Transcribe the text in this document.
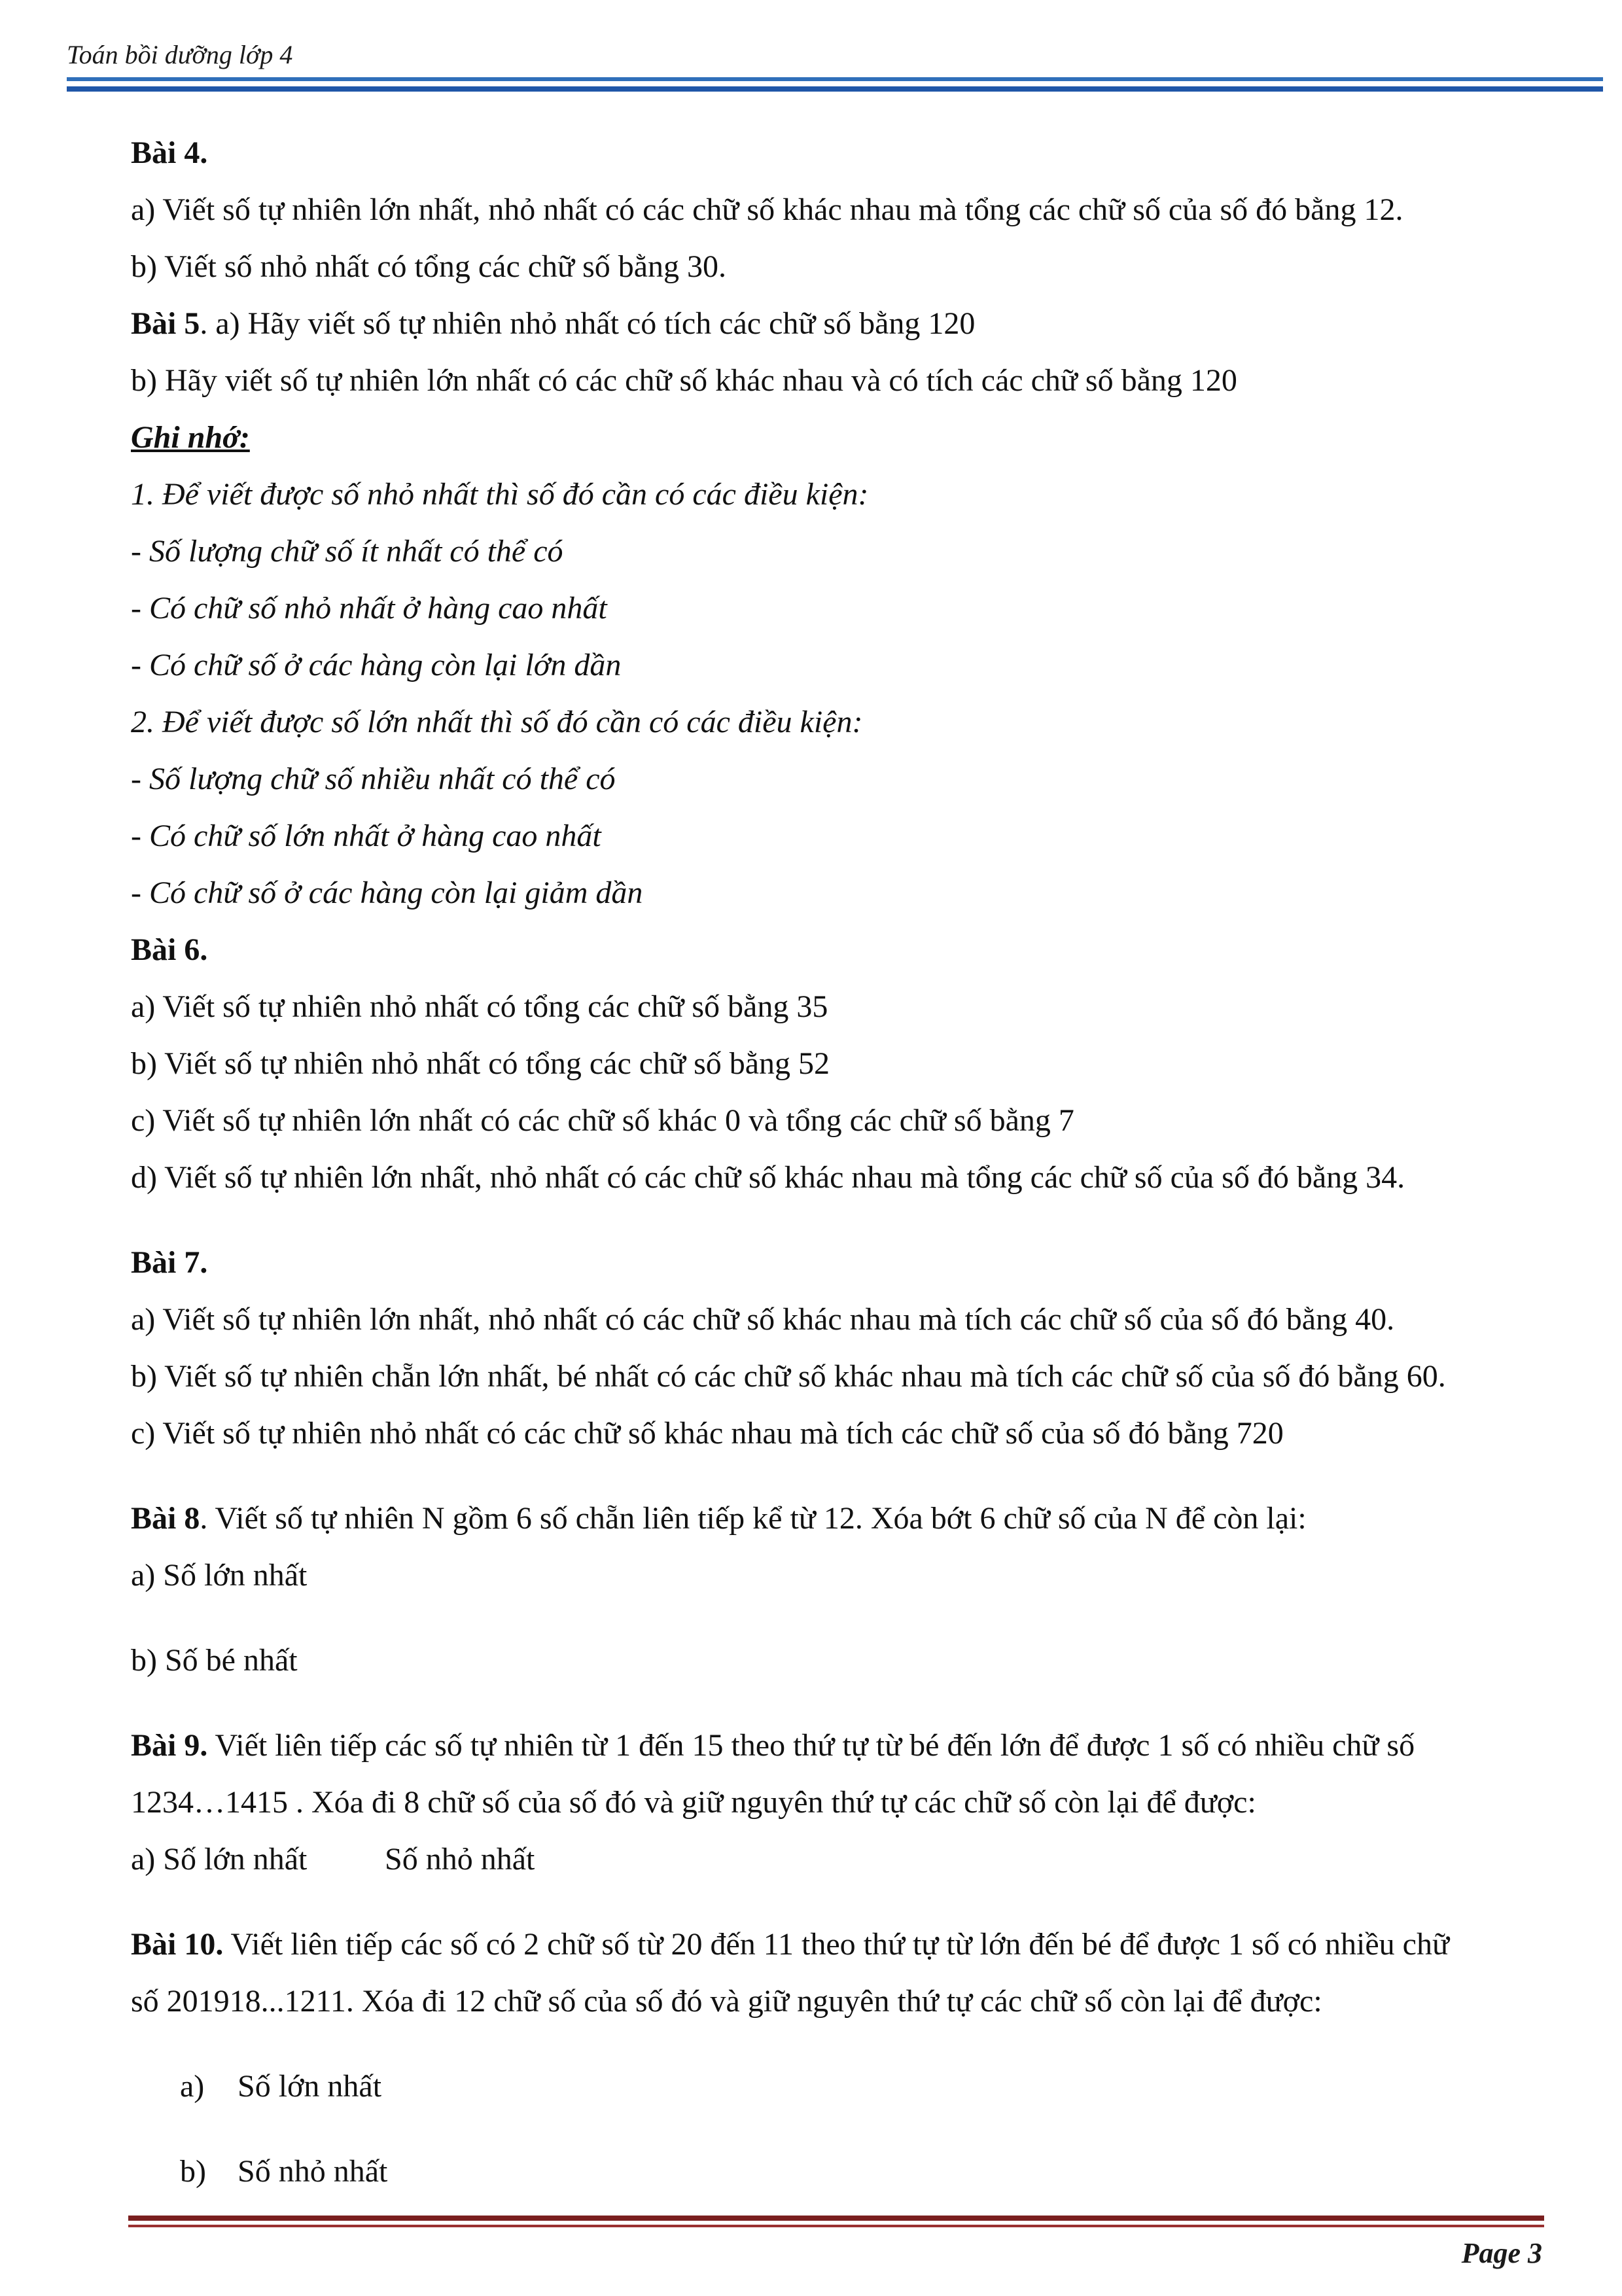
Toán bồi dưỡng lớp 4
Bài 4.
a) Viết số tự nhiên lớn nhất, nhỏ nhất có các chữ số khác nhau mà tổng các chữ số của số đó bằng 12.
b) Viết số nhỏ nhất có tổng các chữ số bằng 30.
Bài 5. a) Hãy viết số tự nhiên nhỏ nhất có tích các chữ số bằng 120
b) Hãy viết số tự nhiên lớn nhất có các chữ số khác nhau và có tích các chữ số bằng 120
Ghi nhớ:
1. Để viết được số nhỏ nhất thì số đó cần có các điều kiện:
- Số lượng chữ số ít nhất có thể có
- Có chữ số nhỏ nhất ở hàng cao nhất
- Có chữ số ở các hàng còn lại lớn dần
2. Để viết được số lớn nhất thì số đó cần có các điều kiện:
- Số lượng chữ số nhiều nhất có thể có
- Có chữ số lớn nhất ở hàng cao nhất
- Có chữ số ở các hàng còn lại giảm dần
Bài 6.
a) Viết số tự nhiên nhỏ nhất có tổng các chữ số bằng 35
b) Viết số tự nhiên nhỏ nhất có tổng các chữ số bằng 52
c) Viết số tự nhiên lớn nhất có các chữ số khác 0 và tổng các chữ số bằng 7
d) Viết số tự nhiên lớn nhất, nhỏ nhất có các chữ số khác nhau mà tổng các chữ số của số đó bằng 34.
Bài 7.
a) Viết số tự nhiên lớn nhất, nhỏ nhất có các chữ số khác nhau mà tích các chữ số của số đó bằng 40.
b) Viết số tự nhiên chẵn lớn nhất, bé nhất có các chữ số khác nhau mà tích các chữ số của số đó bằng 60.
c) Viết số tự nhiên nhỏ nhất có các chữ số khác nhau mà tích các chữ số của số đó bằng 720
Bài 8. Viết số tự nhiên N gồm 6 số chẵn liên tiếp kể từ 12. Xóa bớt 6 chữ số của N để còn lại:
a) Số lớn nhất
b) Số bé nhất
Bài 9. Viết liên tiếp các số tự nhiên từ 1 đến 15 theo thứ tự từ bé đến lớn để được 1 số có nhiều chữ số
1234…1415 . Xóa đi 8 chữ số của số đó và giữ nguyên thứ tự các chữ số còn lại để được:
a) Số lớn nhất Số nhỏ nhất
Bài 10. Viết liên tiếp các số có 2 chữ số từ 20 đến 11 theo thứ tự từ lớn đến bé để được 1 số có nhiều chữ
số 201918...1211. Xóa đi 12 chữ số của số đó và giữ nguyên thứ tự các chữ số còn lại để được:
a) Số lớn nhất
b) Số nhỏ nhất
Page 3
